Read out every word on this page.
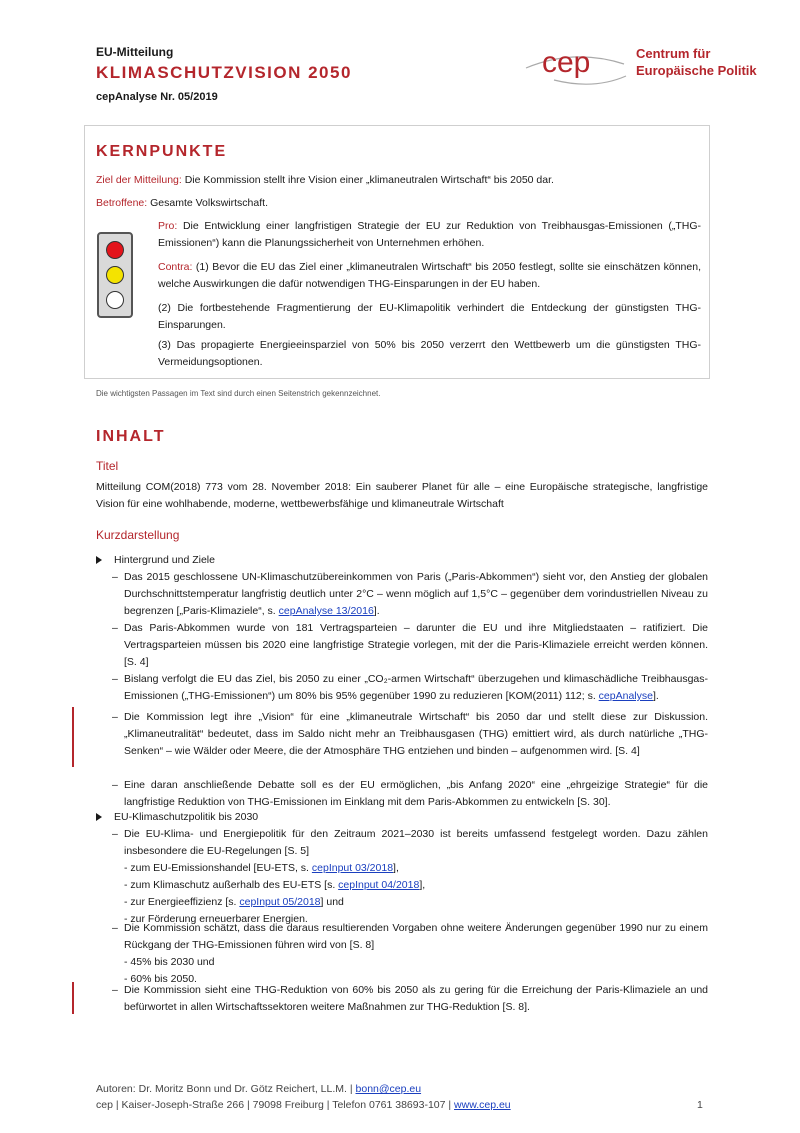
EU-Mitteilung
KLIMASCHUTZVISION 2050
cepAnalyse Nr. 05/2019
cep	Centrum für
Europäische Politik
KERNPUNKTE
Ziel der Mitteilung: Die Kommission stellt ihre Vision einer „klimaneutralen Wirtschaft“ bis 2050 dar.
Betroffene: Gesamte Volkswirtschaft.
Pro: Die Entwicklung einer langfristigen Strategie der EU zur Reduktion von Treibhausgas-Emissionen („THG-Emissionen“) kann die Planungssicherheit von Unternehmen erhöhen.
Contra: (1) Bevor die EU das Ziel einer „klimaneutralen Wirtschaft“ bis 2050 festlegt, sollte sie einschätzen können, welche Auswirkungen die dafür notwendigen THG-Einsparungen in der EU haben.
(2) Die fortbestehende Fragmentierung der EU-Klimapolitik verhindert die Entdeckung der günstigsten THG-Einsparungen.
(3) Das propagierte Energieeinsparziel von 50% bis 2050 verzerrt den Wettbewerb um die günstigsten THG-Vermeidungsoptionen.
Die wichtigsten Passagen im Text sind durch einen Seitenstrich gekennzeichnet.
INHALT
Titel
Mitteilung COM(2018) 773 vom 28. November 2018: Ein sauberer Planet für alle – eine Europäische strategische, langfristige Vision für eine wohlhabende, moderne, wettbewerbsfähige und klimaneutrale Wirtschaft
Kurzdarstellung
Hintergrund und Ziele
– Das 2015 geschlossene UN-Klimaschutzübereinkommen von Paris („Paris-Abkommen“) sieht vor, den Anstieg der globalen Durchschnittstemperatur langfristig deutlich unter 2°C – wenn möglich auf 1,5°C – gegenüber dem vorindustriellen Niveau zu begrenzen [„Paris-Klimaziele“, s. cepAnalyse 13/2016].
– Das Paris-Abkommen wurde von 181 Vertragsparteien – darunter die EU und ihre Mitgliedstaaten – ratifiziert. Die Vertragsparteien müssen bis 2020 eine langfristige Strategie vorlegen, mit der die Paris-Klimaziele erreicht werden können. [S. 4]
– Bislang verfolgt die EU das Ziel, bis 2050 zu einer „CO₂-armen Wirtschaft“ überzugehen und klimaschädliche Treibhausgas-Emissionen („THG-Emissionen“) um 80% bis 95% gegenüber 1990 zu reduzieren [KOM(2011) 112; s. cepAnalyse].
– Die Kommission legt ihre „Vision“ für eine „klimaneutrale Wirtschaft“ bis 2050 dar und stellt diese zur Diskussion. „Klimaneutralität“ bedeutet, dass im Saldo nicht mehr an Treibhausgasen (THG) emittiert wird, als durch natürliche „THG-Senken“ – wie Wälder oder Meere, die der Atmosphäre THG entziehen und binden – aufgenommen wird. [S. 4]
– Eine daran anschließende Debatte soll es der EU ermöglichen, „bis Anfang 2020“ eine „ehrgeizige Strategie“ für die langfristige Reduktion von THG-Emissionen im Einklang mit dem Paris-Abkommen zu entwickeln [S. 30].
EU-Klimaschutzpolitik bis 2030
– Die EU-Klima- und Energiepolitik für den Zeitraum 2021–2030 ist bereits umfassend festgelegt worden. Dazu zählen insbesondere die EU-Regelungen [S. 5]
- zum EU-Emissionshandel [EU-ETS, s. cepInput 03/2018],
- zum Klimaschutz außerhalb des EU-ETS [s. cepInput 04/2018],
- zur Energieeffizienz [s. cepInput 05/2018] und
- zur Förderung erneuerbarer Energien.
– Die Kommission schätzt, dass die daraus resultierenden Vorgaben ohne weitere Änderungen gegenüber 1990 nur zu einem Rückgang der THG-Emissionen führen wird von [S. 8]
- 45% bis 2030 und
- 60% bis 2050.
– Die Kommission sieht eine THG-Reduktion von 60% bis 2050 als zu gering für die Erreichung der Paris-Klimaziele an und befürwortet in allen Wirtschaftssektoren weitere Maßnahmen zur THG-Reduktion [S. 8].
Autoren: Dr. Moritz Bonn und Dr. Götz Reichert, LL.M. | bonn@cep.eu
cep | Kaiser-Joseph-Straße 266 | 79098 Freiburg | Telefon 0761 38693-107 | www.cep.eu	1
